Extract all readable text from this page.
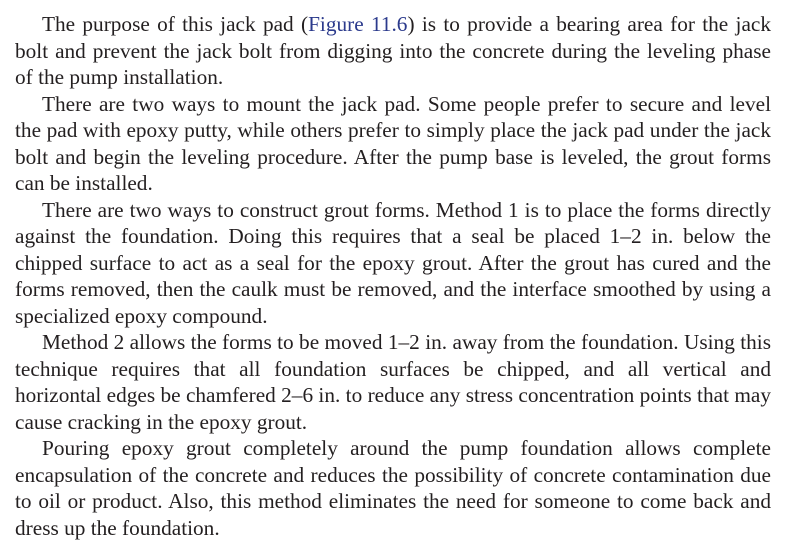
The purpose of this jack pad (Figure 11.6) is to provide a bearing area for the jack bolt and prevent the jack bolt from digging into the concrete during the leveling phase of the pump installation.

There are two ways to mount the jack pad. Some people prefer to secure and level the pad with epoxy putty, while others prefer to simply place the jack pad under the jack bolt and begin the leveling procedure. After the pump base is leveled, the grout forms can be installed.

There are two ways to construct grout forms. Method 1 is to place the forms directly against the foundation. Doing this requires that a seal be placed 1–2 in. below the chipped surface to act as a seal for the epoxy grout. After the grout has cured and the forms removed, then the caulk must be removed, and the interface smoothed by using a specialized epoxy compound.

Method 2 allows the forms to be moved 1–2 in. away from the foundation. Using this technique requires that all foundation surfaces be chipped, and all vertical and horizontal edges be chamfered 2–6 in. to reduce any stress concentration points that may cause cracking in the epoxy grout.

Pouring epoxy grout completely around the pump foundation allows complete encapsulation of the concrete and reduces the possibility of concrete contamination due to oil or product. Also, this method eliminates the need for someone to come back and dress up the foundation.
